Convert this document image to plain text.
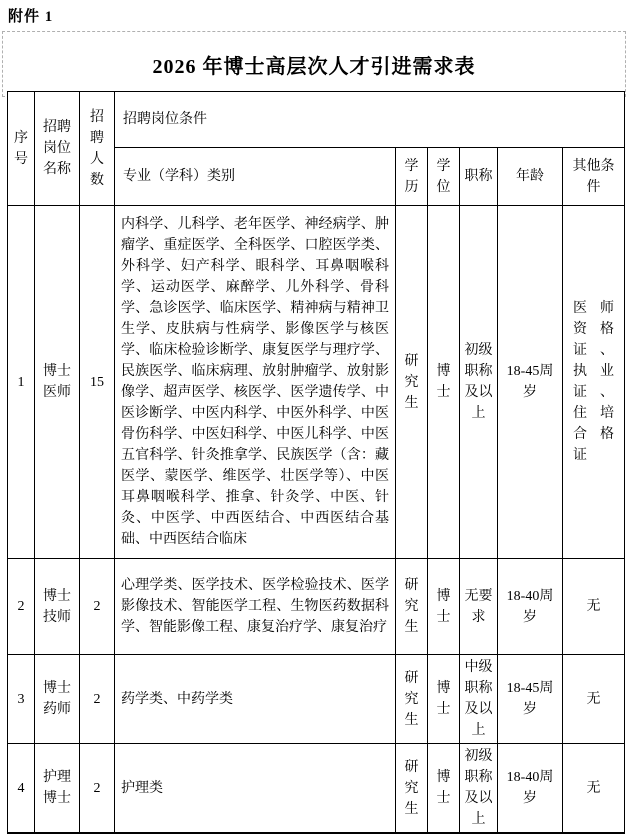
附件 1
2026 年博士高层次人才引进需求表
序号	招聘岗位名称	招聘人数	招聘岗位条件					
			专业（学科）类别	学历	学位	职称	年龄	其他条件
1	博士医师	15	内科学、儿科学、老年医学、神经病学、肿瘤学、重症医学、全科医学、口腔医学类、外科学、妇产科学、眼科学、耳鼻咽喉科学、运动医学、麻醉学、儿外科学、骨科学、急诊医学、临床医学、精神病与精神卫生学、皮肤病与性病学、影像医学与核医学、临床检验诊断学、康复医学与理疗学、民族医学、临床病理、放射肿瘤学、放射影像学、超声医学、核医学、医学遗传学、中医诊断学、中医内科学、中医外科学、中医骨伤科学、中医妇科学、中医儿科学、中医五官科学、针灸推拿学、民族医学（含：藏医学、蒙医学、维医学、壮医学等）、中医耳鼻咽喉科学、推拿、针灸学、中医、针灸、中医学、中西医结合、中西医结合基础、中西医结合临床	研究生	博士	初级职称及以上	18-45周岁	医师资格证、执业证、住培合格证
2	博士技师	2	心理学类、医学技术、医学检验技术、医学影像技术、智能医学工程、生物医药数据科学、智能影像工程、康复治疗学、康复治疗	研究生	博士	无要求	18-40周岁	无
3	博士药师	2	药学类、中药学类	研究生	博士	中级职称及以上	18-45周岁	无
4	护理博士	2	护理类	研究生	博士	初级职称及以上	18-40周岁	无
